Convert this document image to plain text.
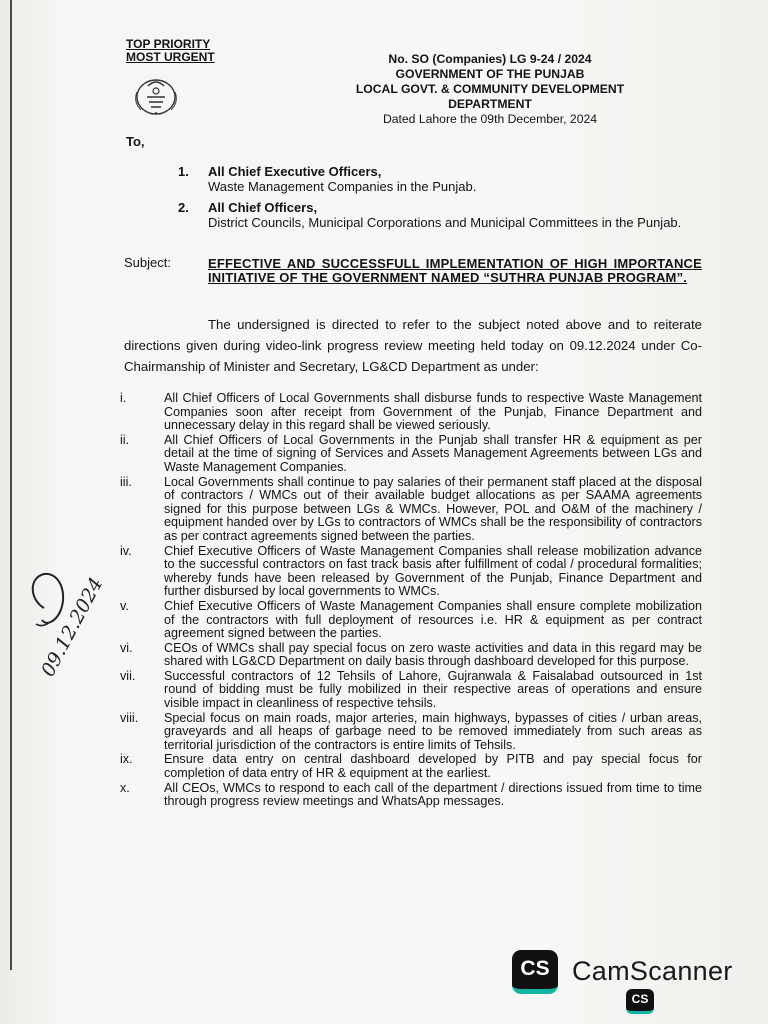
TOP PRIORITY
MOST URGENT	No. SO (Companies) LG 9-24 / 2024
GOVERNMENT OF THE PUNJAB
LOCAL GOVT. & COMMUNITY DEVELOPMENT
DEPARTMENT
Dated Lahore the 09th December, 2024
To,
1. All Chief Executive Officers,
Waste Management Companies in the Punjab.
2. All Chief Officers,
District Councils, Municipal Corporations and Municipal Committees in the Punjab.
Subject:	EFFECTIVE AND SUCCESSFULL IMPLEMENTATION OF HIGH IMPORTANCE INITIATIVE OF THE GOVERNMENT NAMED “SUTHRA PUNJAB PROGRAM”.
The undersigned is directed to refer to the subject noted above and to reiterate directions given during video-link progress review meeting held today on 09.12.2024 under Co-Chairmanship of Minister and Secretary, LG&CD Department as under:
i.	All Chief Officers of Local Governments shall disburse funds to respective Waste Management Companies soon after receipt from Government of the Punjab, Finance Department and unnecessary delay in this regard shall be viewed seriously.
ii.	All Chief Officers of Local Governments in the Punjab shall transfer HR & equipment as per detail at the time of signing of Services and Assets Management Agreements between LGs and Waste Management Companies.
iii.	Local Governments shall continue to pay salaries of their permanent staff placed at the disposal of contractors / WMCs out of their available budget allocations as per SAAMA agreements signed for this purpose between LGs & WMCs. However, POL and O&M of the machinery / equipment handed over by LGs to contractors of WMCs shall be the responsibility of contractors as per contract agreements signed between the parties.
iv.	Chief Executive Officers of Waste Management Companies shall release mobilization advance to the successful contractors on fast track basis after fulfillment of codal / procedural formalities; whereby funds have been released by Government of the Punjab, Finance Department and further disbursed by local governments to WMCs.
v.	Chief Executive Officers of Waste Management Companies shall ensure complete mobilization of the contractors with full deployment of resources i.e. HR & equipment as per contract agreement signed between the parties.
vi.	CEOs of WMCs shall pay special focus on zero waste activities and data in this regard may be shared with LG&CD Department on daily basis through dashboard developed for this purpose.
vii.	Successful contractors of 12 Tehsils of Lahore, Gujranwala & Faisalabad outsourced in 1st round of bidding must be fully mobilized in their respective areas of operations and ensure visible impact in cleanliness of respective tehsils.
viii.	Special focus on main roads, major arteries, main highways, bypasses of cities / urban areas, graveyards and all heaps of garbage need to be removed immediately from such areas as territorial jurisdiction of the contractors is entire limits of Tehsils.
ix.	Ensure data entry on central dashboard developed by PITB and pay special focus for completion of data entry of HR & equipment at the earliest.
x.	All CEOs, WMCs to respond to each call of the department / directions issued from time to time through progress review meetings and WhatsApp messages.
09.12.2024
CS CamScanner
CS
